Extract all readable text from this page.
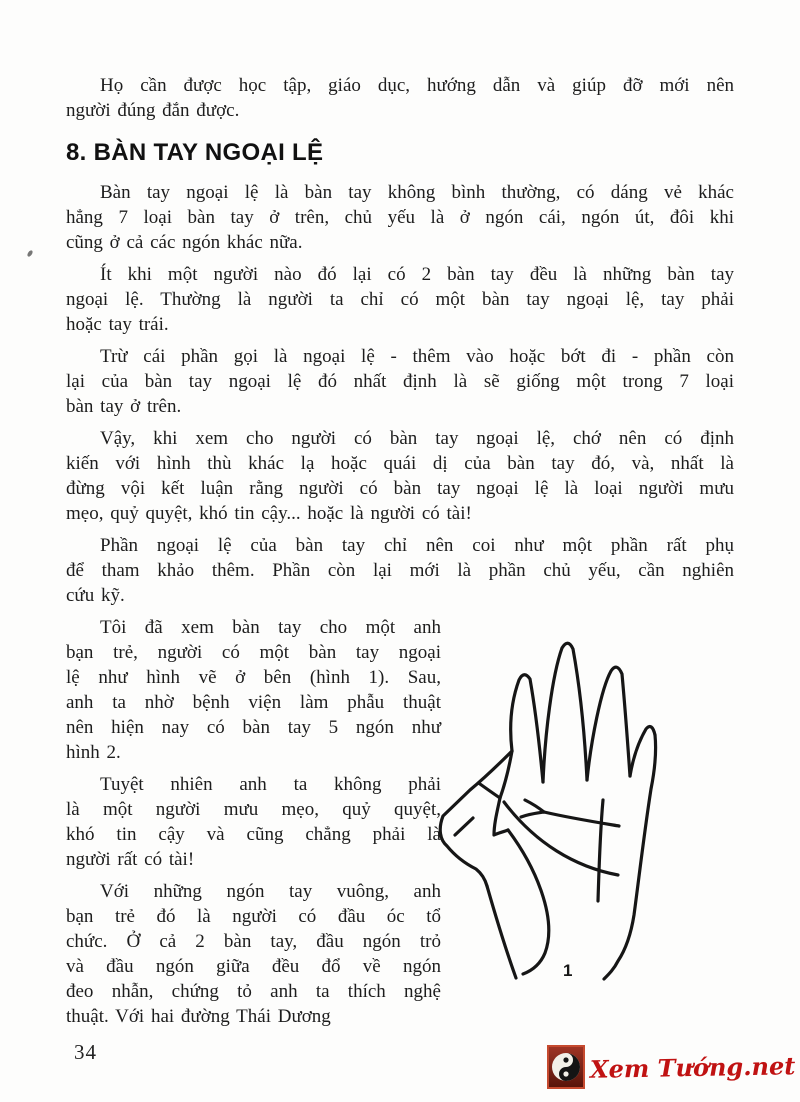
Họ cần được học tập, giáo dục, hướng dẫn và giúp đỡ mới nên
người đúng đắn được.

8. BÀN TAY NGOẠI LỆ

Bàn tay ngoại lệ là bàn tay không bình thường, có dáng vẻ khác
hẳng 7 loại bàn tay ở trên, chủ yếu là ở ngón cái, ngón út, đôi khi
cũng ở cả các ngón khác nữa.

Ít khi một người nào đó lại có 2 bàn tay đều là những bàn tay
ngoại lệ. Thường là người ta chỉ có một bàn tay ngoại lệ, tay phải
hoặc tay trái.

Trừ cái phần gọi là ngoại lệ - thêm vào hoặc bớt đi - phần còn
lại của bàn tay ngoại lệ đó nhất định là sẽ giống một trong 7 loại
bàn tay ở trên.

Vậy, khi xem cho người có bàn tay ngoại lệ, chớ nên có định
kiến với hình thù khác lạ hoặc quái dị của bàn tay đó, và, nhất là
đừng vội kết luận rằng người có bàn tay ngoại lệ là loại người mưu
mẹo, quỷ quyệt, khó tin cậy... hoặc là người có tài!

Phần ngoại lệ của bàn tay chỉ nên coi như một phần rất phụ
để tham khảo thêm. Phần còn lại mới là phần chủ yếu, cần nghiên
cứu kỹ.

Tôi đã xem bàn tay cho một anh
bạn trẻ, người có một bàn tay ngoại
lệ như hình vẽ ở bên (hình 1). Sau,
anh ta nhờ bệnh viện làm phẫu thuật
nên hiện nay có bàn tay 5 ngón như
hình 2.

Tuyệt nhiên anh ta không phải
là một người mưu mẹo, quỷ quyệt,
khó tin cậy và cũng chẳng phải là
người rất có tài!

Với những ngón tay vuông, anh
bạn trẻ đó là người có đầu óc tổ
chức. Ở cả 2 bàn tay, đầu ngón trỏ
và đầu ngón giữa đều đổ về ngón
đeo nhẫn, chứng tỏ anh ta thích nghệ
thuật. Với hai đường Thái Dương

1
34	Xem Tướng.net
